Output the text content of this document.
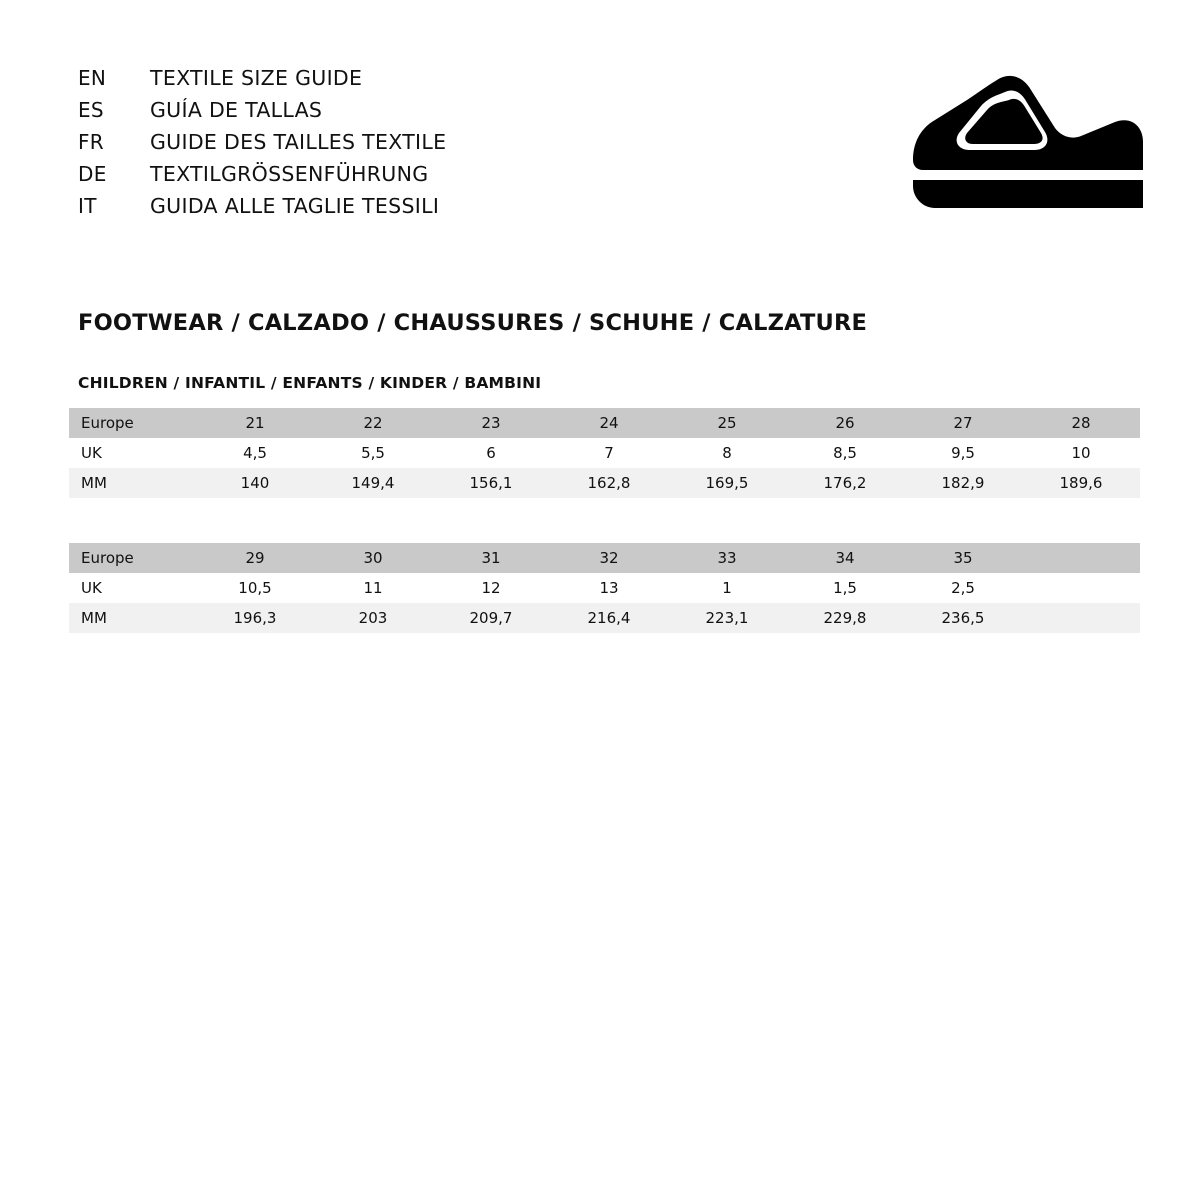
EN	TEXTILE SIZE GUIDE
ES	GUÍA DE TALLAS
FR	GUIDE DES TAILLES TEXTILE
DE	TEXTILGRÖSSENFÜHRUNG
IT	GUIDA ALLE TAGLIE TESSILI
FOOTWEAR / CALZADO / CHAUSSURES / SCHUHE / CALZATURE
CHILDREN / INFANTIL / ENFANTS / KINDER / BAMBINI
Europe	21	22	23	24	25	26	27	28
UK	4,5	5,5	6	7	8	8,5	9,5	10
MM	140	149,4	156,1	162,8	169,5	176,2	182,9	189,6
Europe	29	30	31	32	33	34	35	
UK	10,5	11	12	13	1	1,5	2,5	
MM	196,3	203	209,7	216,4	223,1	229,8	236,5	
